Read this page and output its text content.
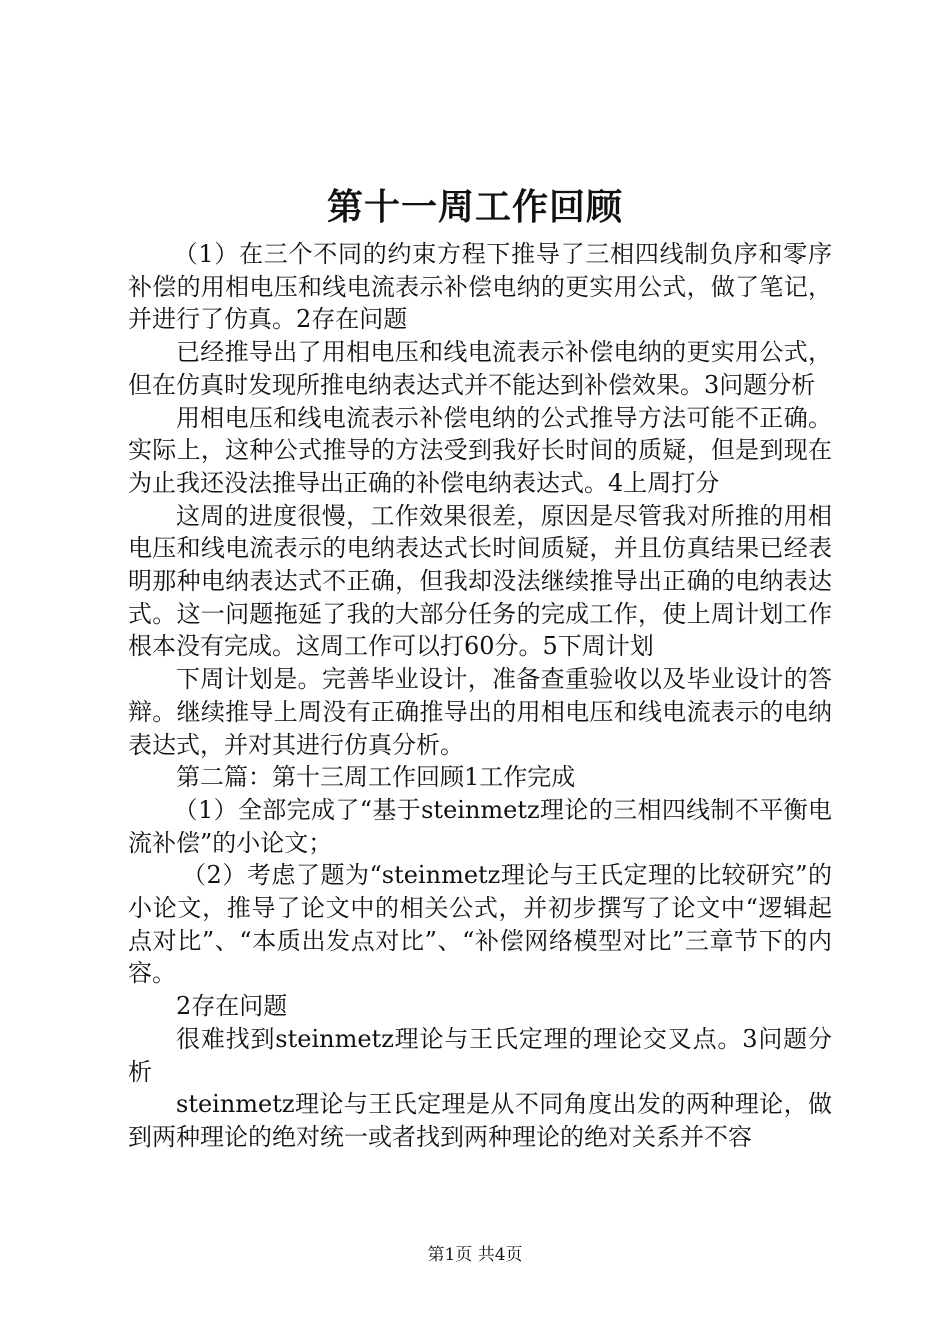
第十一周工作回顾

（1）在三个不同的约束方程下推导了三相四线制负序和零序补偿的用相电压和线电流表示补偿电纳的更实用公式，做了笔记，并进行了仿真。2存在问题

已经推导出了用相电压和线电流表示补偿电纳的更实用公式，但在仿真时发现所推电纳表达式并不能达到补偿效果。3问题分析

用相电压和线电流表示补偿电纳的公式推导方法可能不正确。实际上，这种公式推导的方法受到我好长时间的质疑，但是到现在为止我还没法推导出正确的补偿电纳表达式。4上周打分

这周的进度很慢，工作效果很差，原因是尽管我对所推的用相电压和线电流表示的电纳表达式长时间质疑，并且仿真结果已经表明那种电纳表达式不正确，但我却没法继续推导出正确的电纳表达式。这一问题拖延了我的大部分任务的完成工作，使上周计划工作根本没有完成。这周工作可以打60分。5下周计划

下周计划是。完善毕业设计，准备查重验收以及毕业设计的答辩。继续推导上周没有正确推导出的用相电压和线电流表示的电纳表达式，并对其进行仿真分析。

第二篇：第十三周工作回顾1工作完成

（1）全部完成了“基于steinmetz理论的三相四线制不平衡电流补偿”的小论文；

（2）考虑了题为“steinmetz理论与王氏定理的比较研究”的小论文，推导了论文中的相关公式，并初步撰写了论文中“逻辑起点对比”、“本质出发点对比”、“补偿网络模型对比”三章节下的内容。

2存在问题

很难找到steinmetz理论与王氏定理的理论交叉点。3问题分析

steinmetz理论与王氏定理是从不同角度出发的两种理论，做到两种理论的绝对统一或者找到两种理论的绝对关系并不容

第1页 共4页
